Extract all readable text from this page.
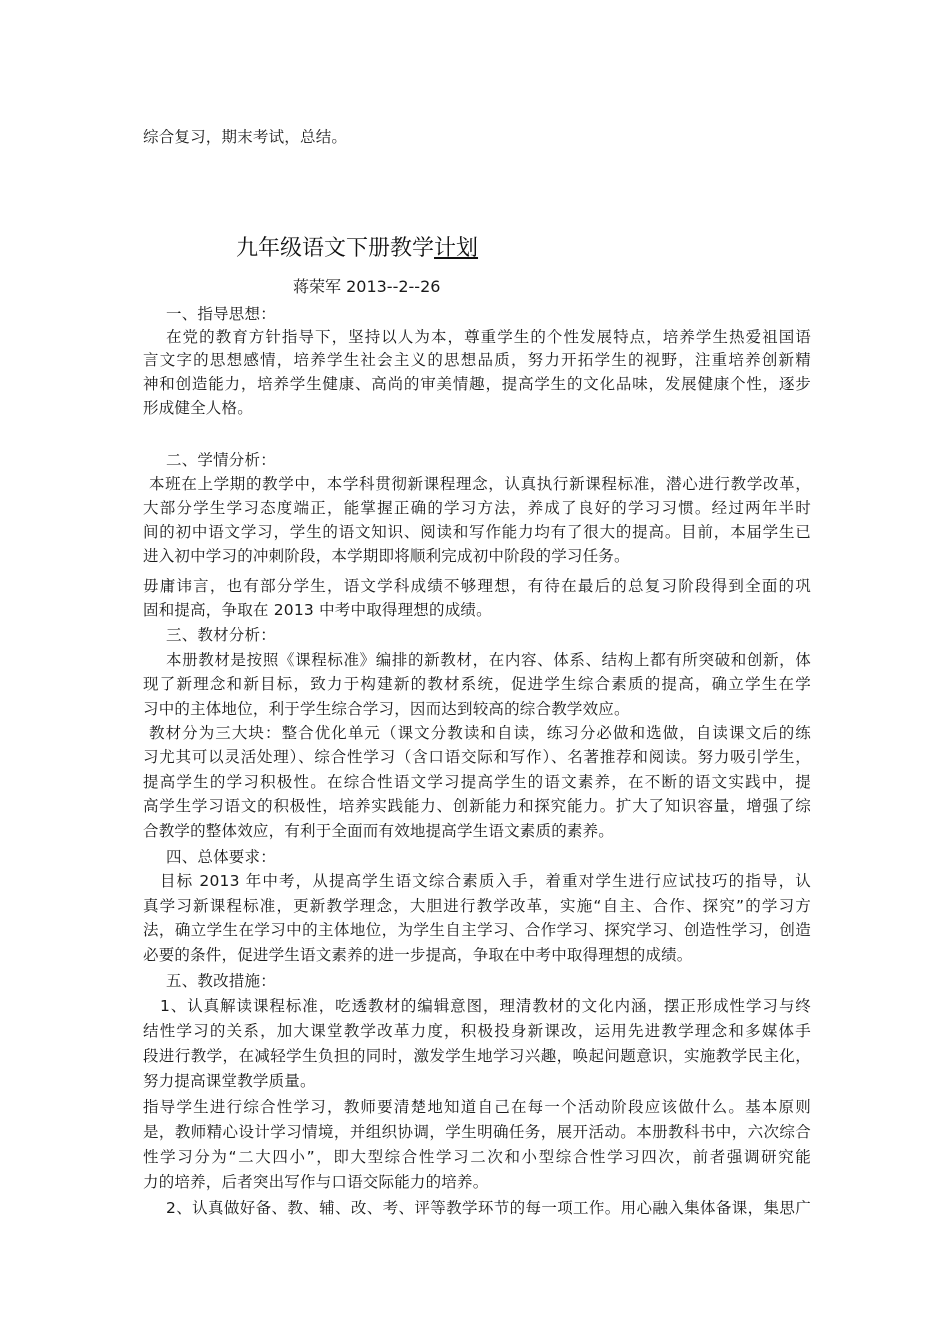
综合复习，期末考试，总结。
九年级语文下册教学计划
蒋荣军 2013--2--26
一、指导思想：
在党的教育方针指导下，坚持以人为本，尊重学生的个性发展特点，培养学生热爱祖国语
言文字的思想感情，培养学生社会主义的思想品质，努力开拓学生的视野，注重培养创新精
神和创造能力，培养学生健康、高尚的审美情趣，提高学生的文化品味，发展健康个性，逐步
形成健全人格。
二、学情分析：
本班在上学期的教学中，本学科贯彻新课程理念，认真执行新课程标准，潜心进行教学改革，
大部分学生学习态度端正，能掌握正确的学习方法，养成了良好的学习习惯。经过两年半时
间的初中语文学习，学生的语文知识、阅读和写作能力均有了很大的提高。目前，本届学生已
进入初中学习的冲刺阶段，本学期即将顺利完成初中阶段的学习任务。
毋庸讳言，也有部分学生，语文学科成绩不够理想，有待在最后的总复习阶段得到全面的巩
固和提高，争取在 2013 中考中取得理想的成绩。
三、教材分析：
本册教材是按照《课程标准》编排的新教材，在内容、体系、结构上都有所突破和创新，体
现了新理念和新目标，致力于构建新的教材系统，促进学生综合素质的提高，确立学生在学
习中的主体地位，利于学生综合学习，因而达到较高的综合教学效应。
教材分为三大块：整合优化单元（课文分教读和自读，练习分必做和选做，自读课文后的练
习尤其可以灵活处理）、综合性学习（含口语交际和写作）、名著推荐和阅读。努力吸引学生，
提高学生的学习积极性。在综合性语文学习提高学生的语文素养，在不断的语文实践中，提
高学生学习语文的积极性，培养实践能力、创新能力和探究能力。扩大了知识容量，增强了综
合教学的整体效应，有利于全面而有效地提高学生语文素质的素养。
四、总体要求：
目标 2013 年中考，从提高学生语文综合素质入手，着重对学生进行应试技巧的指导，认
真学习新课程标准，更新教学理念，大胆进行教学改革，实施“自主、合作、探究”的学习方
法，确立学生在学习中的主体地位，为学生自主学习、合作学习、探究学习、创造性学习，创造
必要的条件，促进学生语文素养的进一步提高，争取在中考中取得理想的成绩。
五、教改措施：
1、认真解读课程标准，吃透教材的编辑意图，理清教材的文化内涵，摆正形成性学习与终
结性学习的关系，加大课堂教学改革力度，积极投身新课改，运用先进教学理念和多媒体手
段进行教学，在减轻学生负担的同时，激发学生地学习兴趣，唤起问题意识，实施教学民主化，
努力提高课堂教学质量。
指导学生进行综合性学习，教师要清楚地知道自己在每一个活动阶段应该做什么。基本原则
是，教师精心设计学习情境，并组织协调，学生明确任务，展开活动。本册教科书中，六次综合
性学习分为“二大四小”，即大型综合性学习二次和小型综合性学习四次，前者强调研究能
力的培养，后者突出写作与口语交际能力的培养。
2、认真做好备、教、辅、改、考、评等教学环节的每一项工作。用心融入集体备课，集思广
